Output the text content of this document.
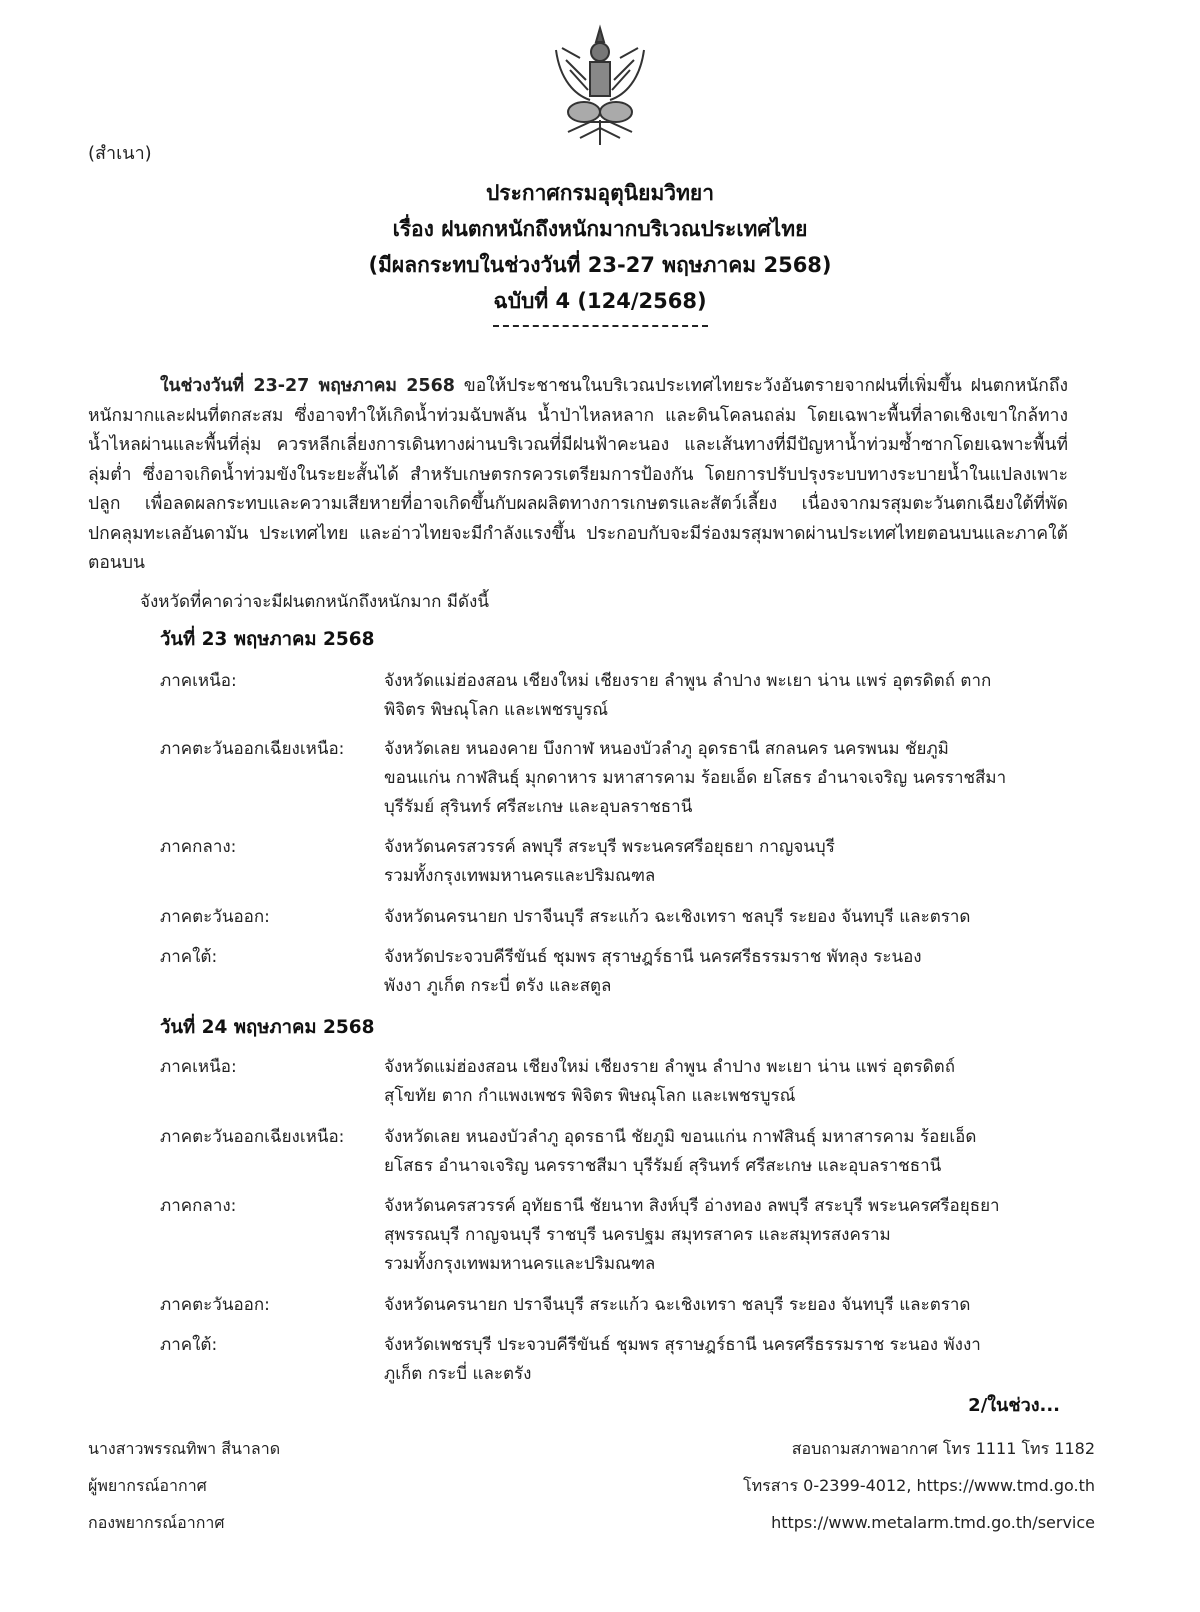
(สำเนา)
ประกาศกรมอุตุนิยมวิทยา
เรื่อง ฝนตกหนักถึงหนักมากบริเวณประเทศไทย
(มีผลกระทบในช่วงวันที่ 23-27 พฤษภาคม 2568)
ฉบับที่ 4 (124/2568)
ในช่วงวันที่ 23-27 พฤษภาคม 2568 ขอให้ประชาชนในบริเวณประเทศไทยระวังอันตรายจากฝนที่เพิ่มขึ้น ฝนตกหนักถึงหนักมากและฝนที่ตกสะสม ซึ่งอาจทำให้เกิดน้ำท่วมฉับพลัน น้ำป่าไหลหลาก และดินโคลนถล่ม โดยเฉพาะพื้นที่ลาดเชิงเขาใกล้ทางน้ำไหลผ่านและพื้นที่ลุ่ม ควรหลีกเลี่ยงการเดินทางผ่านบริเวณที่มีฝนฟ้าคะนอง และเส้นทางที่มีปัญหาน้ำท่วมซ้ำซากโดยเฉพาะพื้นที่ลุ่มต่ำ ซึ่งอาจเกิดน้ำท่วมขังในระยะสั้นได้ สำหรับเกษตรกรควรเตรียมการป้องกัน โดยการปรับปรุงระบบทางระบายน้ำในแปลงเพาะปลูก เพื่อลดผลกระทบและความเสียหายที่อาจเกิดขึ้นกับผลผลิตทางการเกษตรและสัตว์เลี้ยง เนื่องจากมรสุมตะวันตกเฉียงใต้ที่พัดปกคลุมทะเลอันดามัน ประเทศไทย และอ่าวไทยจะมีกำลังแรงขึ้น ประกอบกับจะมีร่องมรสุมพาดผ่านประเทศไทยตอนบนและภาคใต้ตอนบน
จังหวัดที่คาดว่าจะมีฝนตกหนักถึงหนักมาก มีดังนี้
วันที่ 23 พฤษภาคม 2568
ภาคเหนือ:	จังหวัดแม่ฮ่องสอน เชียงใหม่ เชียงราย ลำพูน ลำปาง พะเยา น่าน แพร่ อุตรดิตถ์ ตาก
พิจิตร พิษณุโลก และเพชรบูรณ์
ภาคตะวันออกเฉียงเหนือ:	จังหวัดเลย หนองคาย บึงกาฬ หนองบัวลำภู อุดรธานี สกลนคร นครพนม ชัยภูมิ
ขอนแก่น กาฬสินธุ์ มุกดาหาร มหาสารคาม ร้อยเอ็ด ยโสธร อำนาจเจริญ นครราชสีมา
บุรีรัมย์ สุรินทร์ ศรีสะเกษ และอุบลราชธานี
ภาคกลาง:	จังหวัดนครสวรรค์ ลพบุรี สระบุรี พระนครศรีอยุธยา กาญจนบุรี
รวมทั้งกรุงเทพมหานครและปริมณฑล
ภาคตะวันออก:	จังหวัดนครนายก ปราจีนบุรี สระแก้ว ฉะเชิงเทรา ชลบุรี ระยอง จันทบุรี และตราด
ภาคใต้:	จังหวัดประจวบคีรีขันธ์ ชุมพร สุราษฎร์ธานี นครศรีธรรมราช พัทลุง ระนอง
พังงา ภูเก็ต กระบี่ ตรัง และสตูล
วันที่ 24 พฤษภาคม 2568
ภาคเหนือ:	จังหวัดแม่ฮ่องสอน เชียงใหม่ เชียงราย ลำพูน ลำปาง พะเยา น่าน แพร่ อุตรดิตถ์
สุโขทัย ตาก กำแพงเพชร พิจิตร พิษณุโลก และเพชรบูรณ์
ภาคตะวันออกเฉียงเหนือ:	จังหวัดเลย หนองบัวลำภู อุดรธานี ชัยภูมิ ขอนแก่น กาฬสินธุ์ มหาสารคาม ร้อยเอ็ด
ยโสธร อำนาจเจริญ นครราชสีมา บุรีรัมย์ สุรินทร์ ศรีสะเกษ และอุบลราชธานี
ภาคกลาง:	จังหวัดนครสวรรค์ อุทัยธานี ชัยนาท สิงห์บุรี อ่างทอง ลพบุรี สระบุรี พระนครศรีอยุธยา
สุพรรณบุรี กาญจนบุรี ราชบุรี นครปฐม สมุทรสาคร และสมุทรสงคราม
รวมทั้งกรุงเทพมหานครและปริมณฑล
ภาคตะวันออก:	จังหวัดนครนายก ปราจีนบุรี สระแก้ว ฉะเชิงเทรา ชลบุรี ระยอง จันทบุรี และตราด
ภาคใต้:	จังหวัดเพชรบุรี ประจวบคีรีขันธ์ ชุมพร สุราษฎร์ธานี นครศรีธรรมราช ระนอง พังงา
ภูเก็ต กระบี่ และตรัง
2/ในช่วง...
นางสาวพรรณทิพา สีนาลาด
ผู้พยากรณ์อากาศ
กองพยากรณ์อากาศ
สอบถามสภาพอากาศ โทร 1111 โทร 1182
โทรสาร 0-2399-4012, https://www.tmd.go.th
https://www.metalarm.tmd.go.th/service
